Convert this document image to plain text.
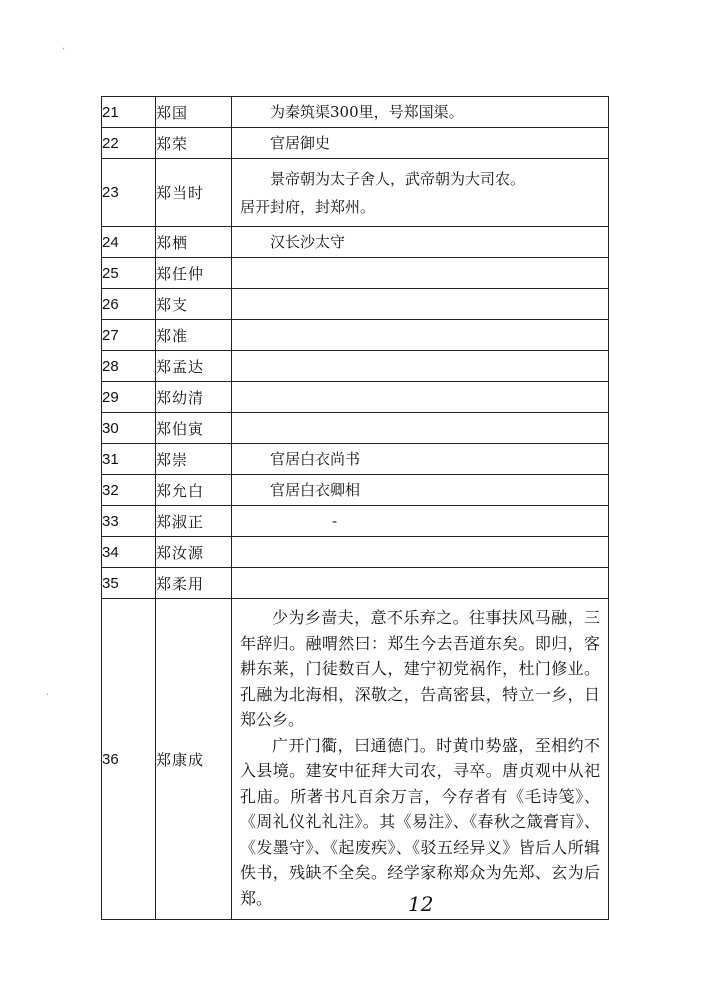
·
·
21	郑国	为秦筑渠300里，号郑国渠。

22	郑荣	官居御史

23	郑当时	景帝朝为太子舍人，武帝朝为大司农。
居开封府，封郑州。

24	郑栖	汉长沙太守

25	郑任仲	

26	郑支	

27	郑准	

28	郑孟达	

29	郑幼清	

30	郑伯寅	

31	郑崇	官居白衣尚书

32	郑允白	官居白衣卿相

33	郑淑正	-

34	郑汝源	

35	郑柔用	

36	郑康成	少为乡啬夫，意不乐弃之。往事扶风马融，三年辞归。融喟然曰：郑生今去吾道东矣。即归，客耕东莱，门徒数百人，建宁初党祸作，杜门修业。孔融为北海相，深敬之，告高密县，特立一乡，日郑公乡。

广开门衢，曰通德门。时黄巾势盛，至相约不入县境。建安中征拜大司农，寻卒。唐贞观中从祀孔庙。所著书凡百余万言，今存者有《毛诗笺》、《周礼仪礼礼注》。其《易注》、《春秋之箴膏肓》、《发墨守》、《起废疾》、《驳五经异义》皆后人所辑佚书，残缺不全矣。经学家称郑众为先郑、玄为后郑。	12
